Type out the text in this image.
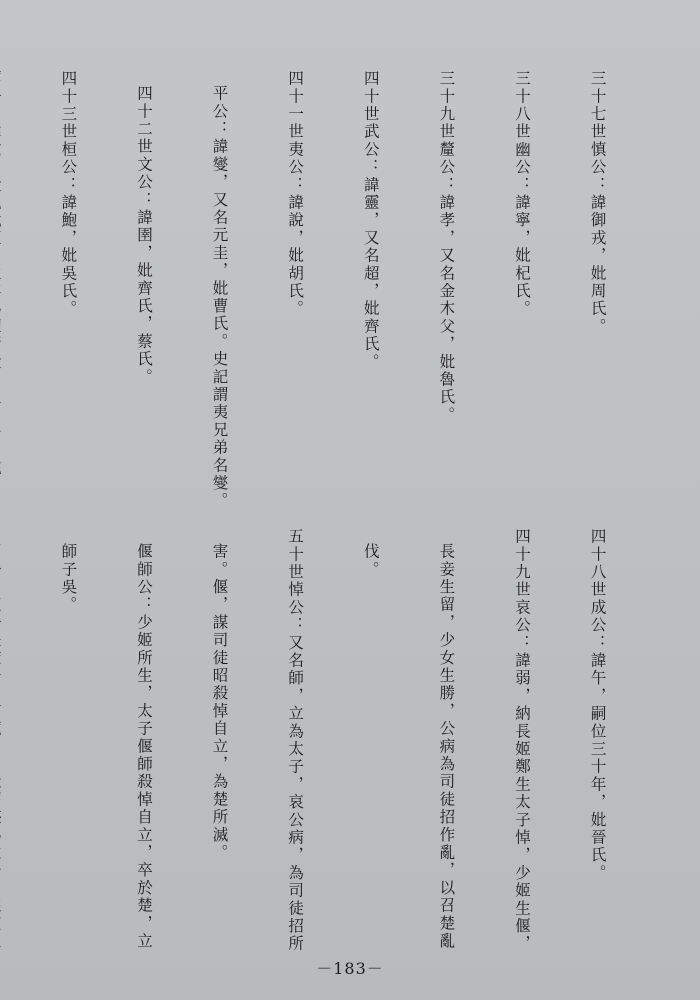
三十七世慎公：諱御戎，妣周氏。

三十八世幽公：諱寧，妣杞氏。

三十九世釐公：諱孝，又名金木父，妣魯氏。

四十世武公：諱靈，又名超，妣齊氏。

四十一世夷公：諱說，妣胡氏。

平公：諱燮，又名元圭，妣曹氏。史記謂夷兄弟名燮。

四十二世文公：諱圉，妣齊氏，蔡氏。

四十三世桓公：諱鮑，妣吳氏。

四十八世成公：諱午，嗣位三十年，妣晉氏。

四十九世哀公：諱弱，納長姬鄭生太子悼，少姬生偃，

長妾生留，少女生勝，公病為司徒招作亂，以召楚亂

伐。

五十世悼公：又名師，立為太子，哀公病，為司徒招所

害。偃，謀司徒昭殺悼自立，為楚所滅。

偃師公：少姬所生，太子偃師殺悼自立，卒於楚，立

師子吳。

－183－
